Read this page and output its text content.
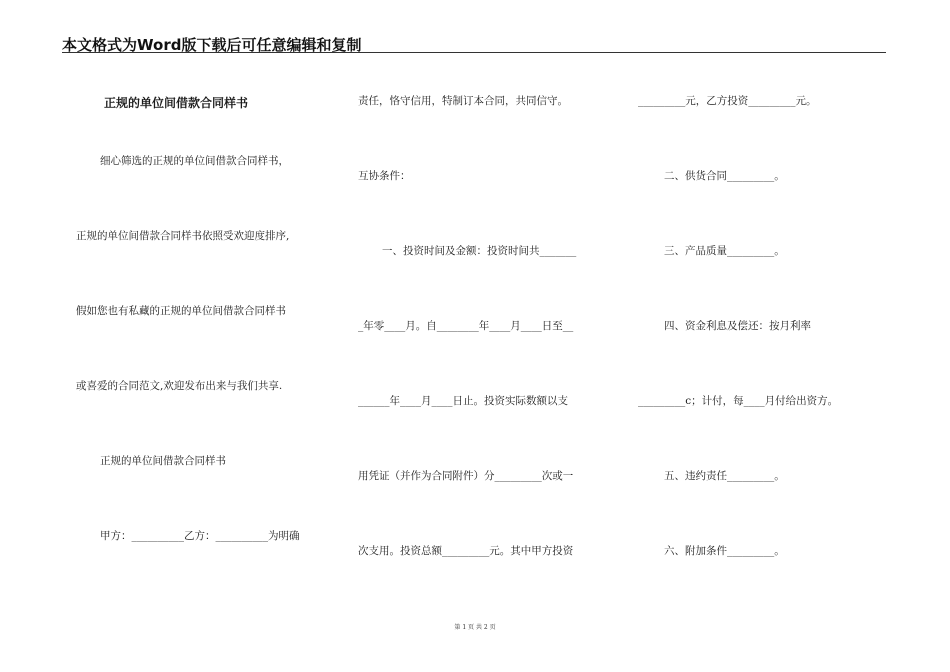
本文格式为Word版下载后可任意编辑和复制
正规的单位间借款合同样书
细心筛选的正规的单位间借款合同样书，
正规的单位间借款合同样书依照受欢迎度排序,
假如您也有私藏的正规的单位间借款合同样书
或喜爱的合同范文,欢迎发布出来与我们共享.
正规的单位间借款合同样书
甲方：__________乙方：__________为明确
责任，恪守信用，特制订本合同，共同信守。
互协条件：
一、投资时间及金额：投资时间共_______
_年零____月。自________年____月____日至__
______年____月____日止。投资实际数额以支
用凭证（并作为合同附件）分_________次或一
次支用。投资总额_________元。其中甲方投资
_________元，乙方投资_________元。
二、供货合同_________。
三、产品质量_________。
四、资金利息及偿还：按月利率
_________c；计付，每____月付给出资方。
五、违约责任_________。
六、附加条件_________。
第 1 页 共 2 页
